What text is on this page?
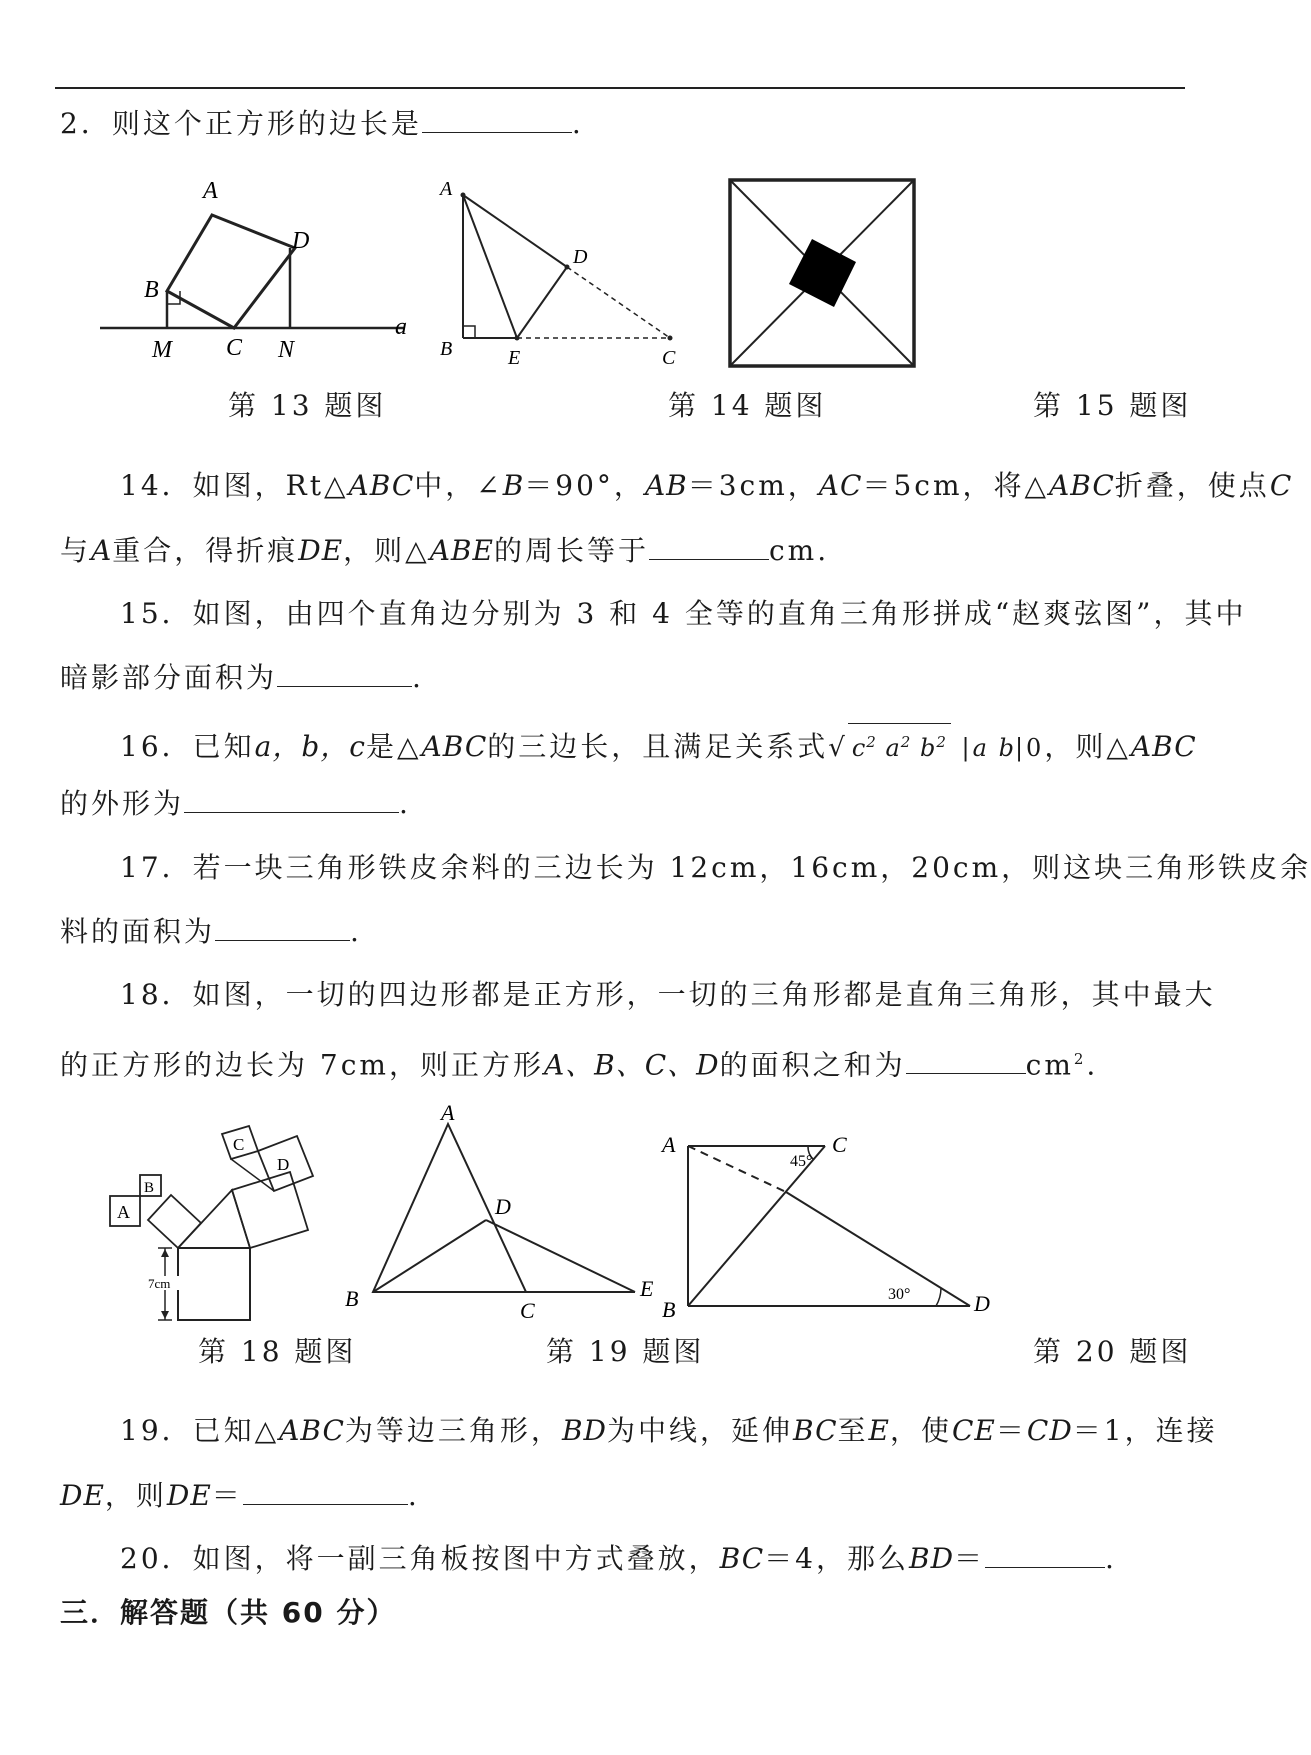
2．则这个正方形的边长是	.
A
D
B
M C N
a
A
B	E
D
C
第 13 题图	第 14 题图	第 15 题图
14．如图，Rt△ABC中，∠B＝90°，AB＝3cm，AC＝5cm，将△ABC折叠，使点C
与A重合，得折痕DE，则△ABE的周长等于	cm.
15．如图，由四个直角边分别为 3 和 4 全等的直角三角形拼成“赵爽弦图”，其中
暗影部分面积为	.
16．已知a，b，c是△ABC的三边长，且满足关系式√ $c^2$ $a^2$ $b^2$ |a b|0，则△ABC
的外形为	.
17．若一块三角形铁皮余料的三边长为 12cm，16cm，20cm，则这块三角形铁皮余
料的面积为	.
18．如图，一切的四边形都是正方形，一切的三角形都是直角三角形，其中最大
的正方形的边长为 7cm，则正方形A、B、C、D的面积之和为	$cm^2$.
A
B
C
D
7cm
A
D
B	C
E
A	C
B	D
45°
30°
第 18 题图	第 19 题图	第 20 题图
19．已知△ABC为等边三角形，BD为中线，延伸BC至E，使CE＝CD＝1，连接
DE，则DE＝	.
20．如图，将一副三角板按图中方式叠放，BC＝4，那么BD＝	.
三．解答题（共 60 分）
